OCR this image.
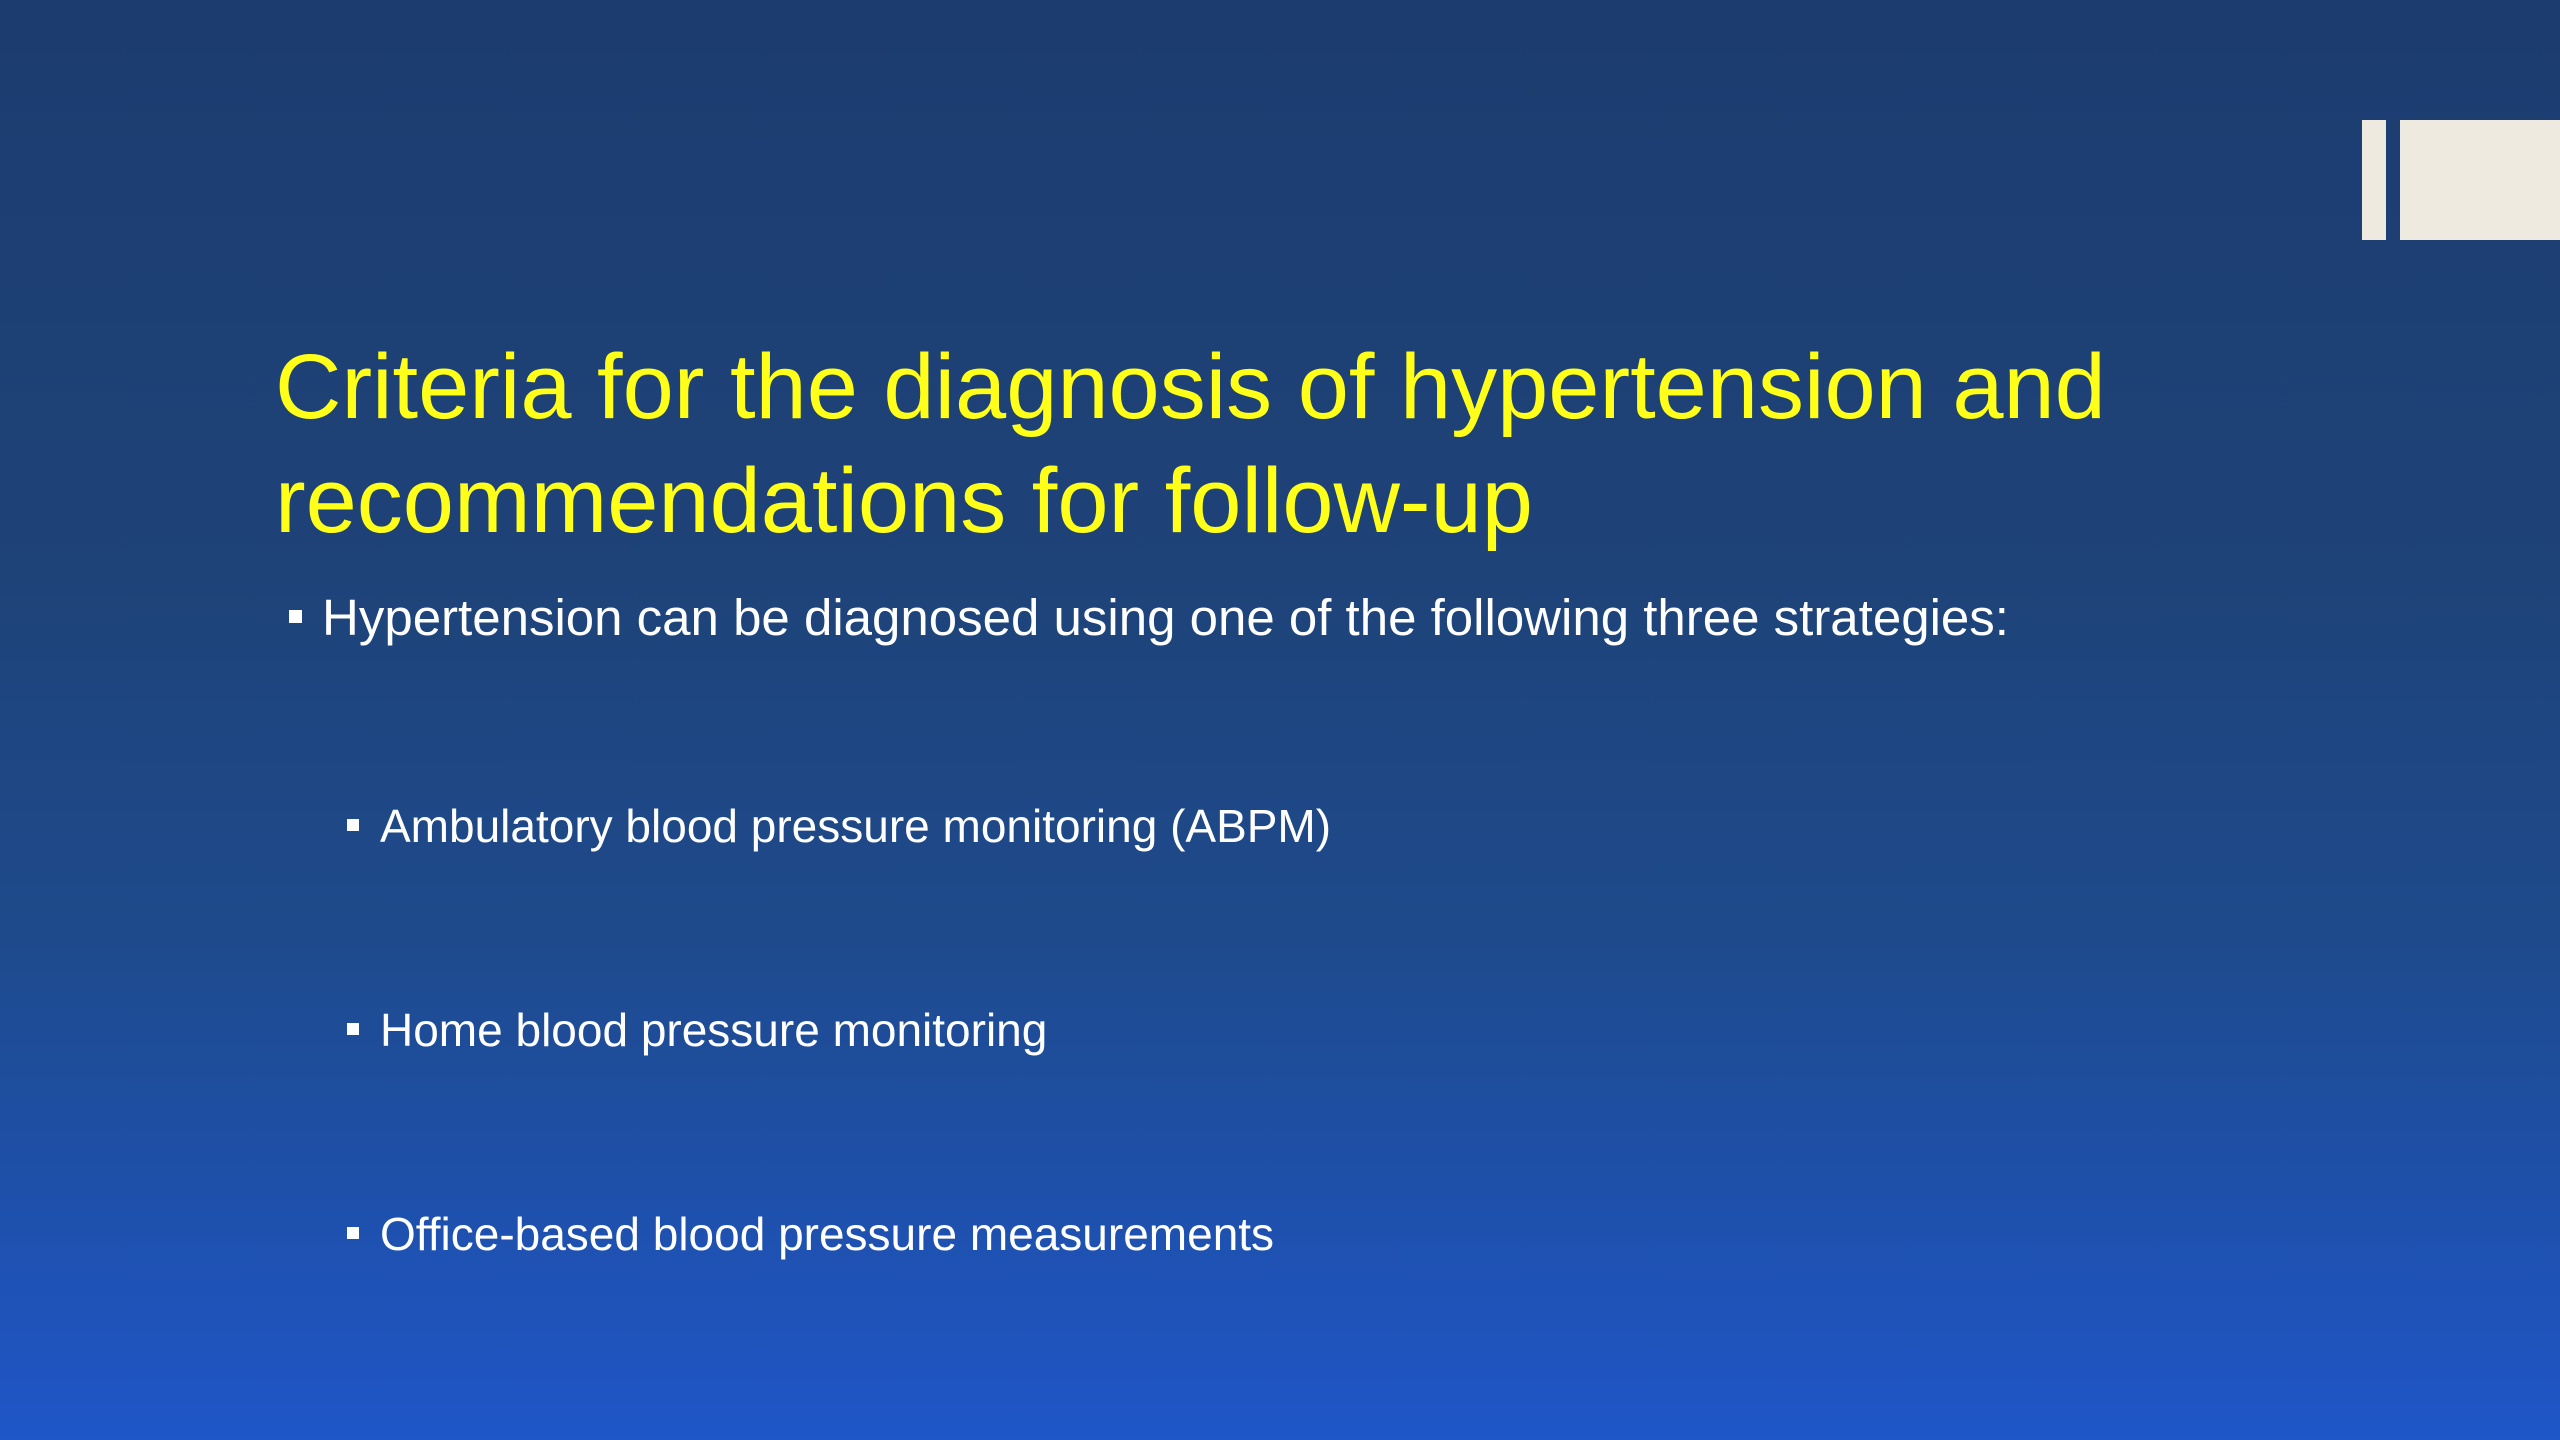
Criteria for the diagnosis of hypertension and recommendations for follow-up
Hypertension can be diagnosed using one of the following three strategies:
Ambulatory blood pressure monitoring (ABPM)
Home blood pressure monitoring
Office-based blood pressure measurements
